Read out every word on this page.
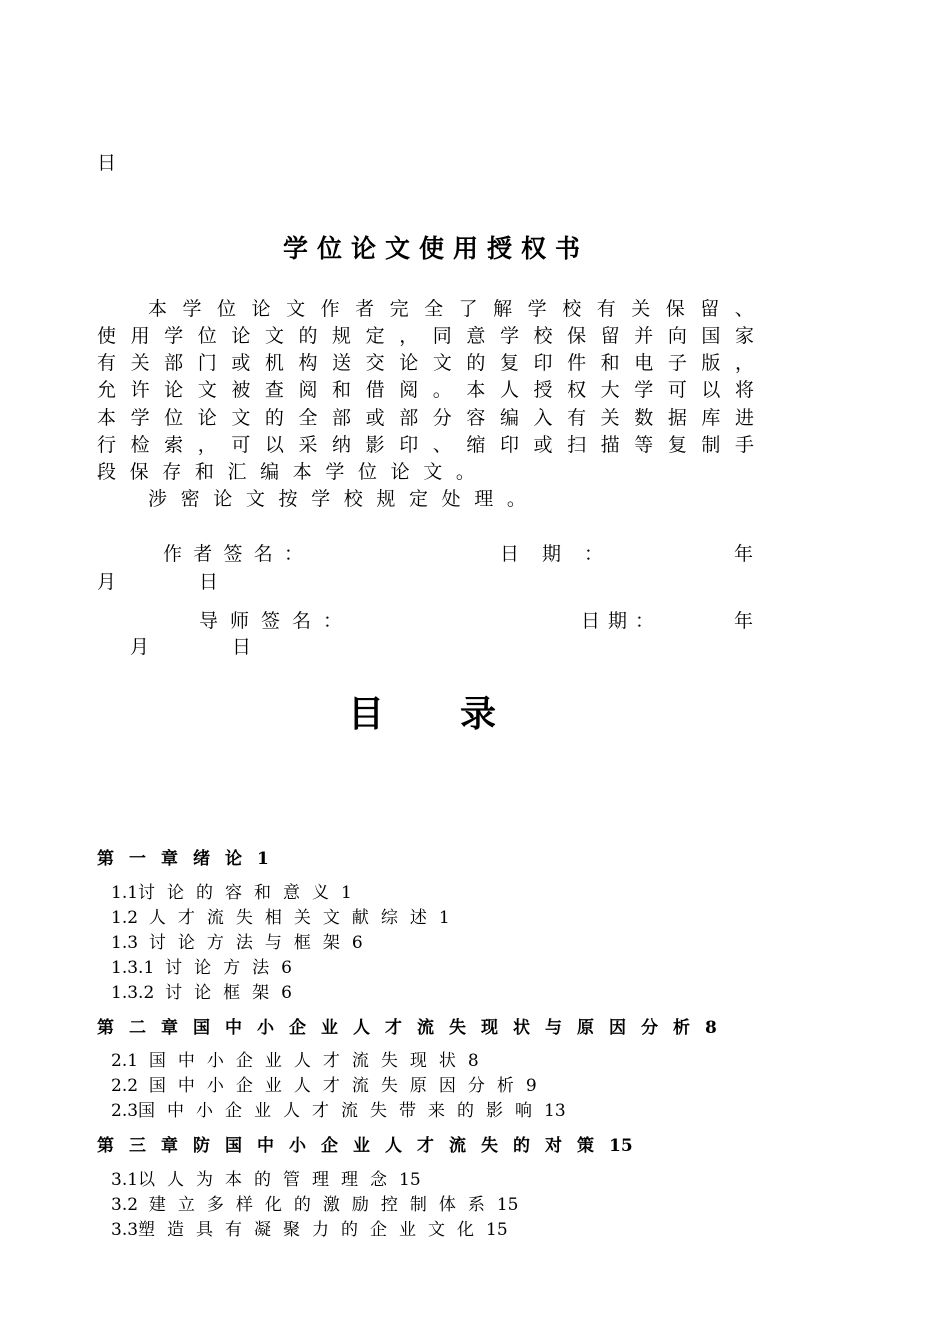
日
学位论文使用授权书
本 学 位 论 文 作 者 完 全 了 解 学 校 有 关 保 留 、
使 用 学 位 论 文 的 规 定 ， 同 意 学 校 保 留 并 向 国 家
有 关 部 门 或 机 构 送 交 论 文 的 复 印 件 和 电 子 版 ，
允 许 论 文 被 查 阅 和 借 阅 。 本 人 授 权 大 学 可 以 将
本 学 位 论 文 的 全 部 或 部 分 容 编 入 有 关 数 据 库 进
行 检 索 ， 可 以 采 纳 影 印 、 缩 印 或 扫 描 等 复 制 手
段 保 存 和 汇 编 本 学 位 论 文 。
涉 密 论 文 按 学 校 规 定 处 理 。
作 者 签 名 ：	日 期 ：	年
月	日
导 师 签 名 ：	日 期 ：	年
月	日
目录
第一章绪论1
1.1讨论的容和意义1
1.2 人才流失相关文献综述1
1.3 讨论方法与框架6
1.3.1 讨论方法6
1.3.2 讨论框架6
第二章国中小企业人才流失现状与原因分析8
2.1 国中小企业人才流失现状8
2.2 国中小企业人才流失原因分析9
2.3国中小企业人才流失带来的影响13
第三章防国中小企业人才流失的对策15
3.1以人为本的管理理念15
3.2 建立多样化的激励控制体系15
3.3塑造具有凝聚力的企业文化15
